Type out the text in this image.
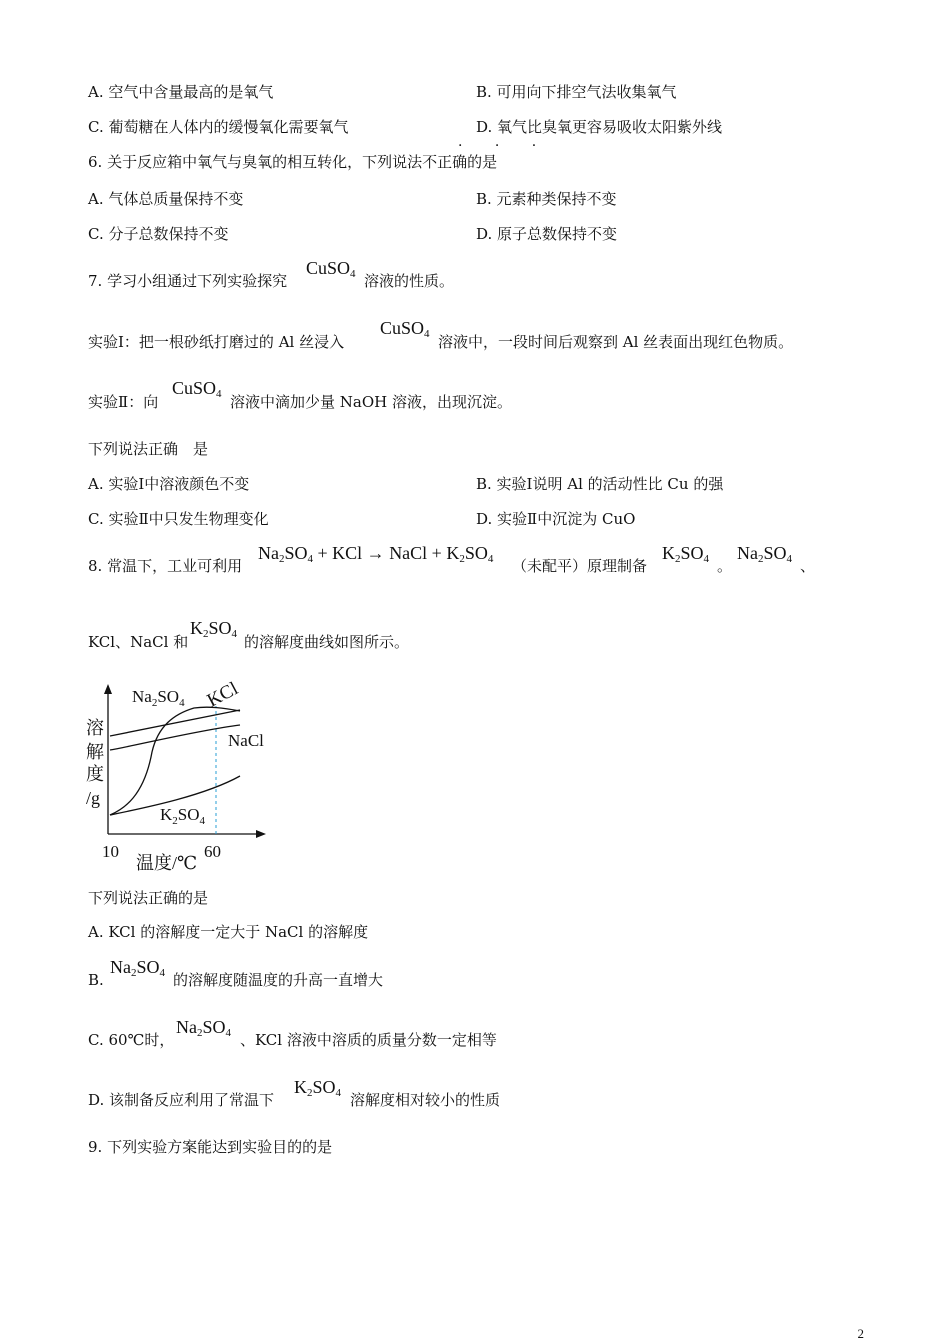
A. 空气中含量最高的是氧气	B. 可用向下排空气法收集氧气
C. 葡萄糖在人体内的缓慢氧化需要氧气	D. 氧气比臭氧更容易吸收太阳紫外线
· · ·
6. 关于反应箱中氧气与臭氧的相互转化，下列说法不正确的是
A. 气体总质量保持不变	B. 元素种类保持不变
C. 分子总数保持不变	D. 原子总数保持不变
7. 学习小组通过下列实验探究
CuSO$_4$ 溶液的性质。
实验Ⅰ：把一根砂纸打磨过的 Al 丝浸入
CuSO$_4$ 溶液中，一段时间后观察到 Al 丝表面出现红色物质。
实验Ⅱ：向
CuSO$_4$ 溶液中滴加少量 NaOH 溶液，出现沉淀。
下列说法正确　是
A. 实验Ⅰ中溶液颜色不变	B. 实验Ⅰ说明 Al 的活动性比 Cu 的强
C. 实验Ⅱ中只发生物理变化	D. 实验Ⅱ中沉淀为 CuO
8. 常温下，工业可利用
$Na_2SO_4$ + KCl → NaCl + $K_2SO_4$ （未配平）原理制备
$K_2SO_4$ 。
$Na_2SO_4$ 、
KCl、NaCl 和
$K_2SO_4$ 的溶解度曲线如图所示。
$Na_2SO_4$
$K_2SO_4$
KCl
NaCl
溶
解
度
/g
10	60
温度/℃
下列说法正确的是
A. KCl 的溶解度一定大于 NaCl 的溶解度
B.
$Na_2SO_4$ 的溶解度随温度的升高一直增大
C. 60℃时，
$Na_2SO_4$ 、KCl 溶液中溶质的质量分数一定相等
D. 该制备反应利用了常温下
$K_2SO_4$ 溶解度相对较小的性质
9. 下列实验方案能达到实验目的的是
2
